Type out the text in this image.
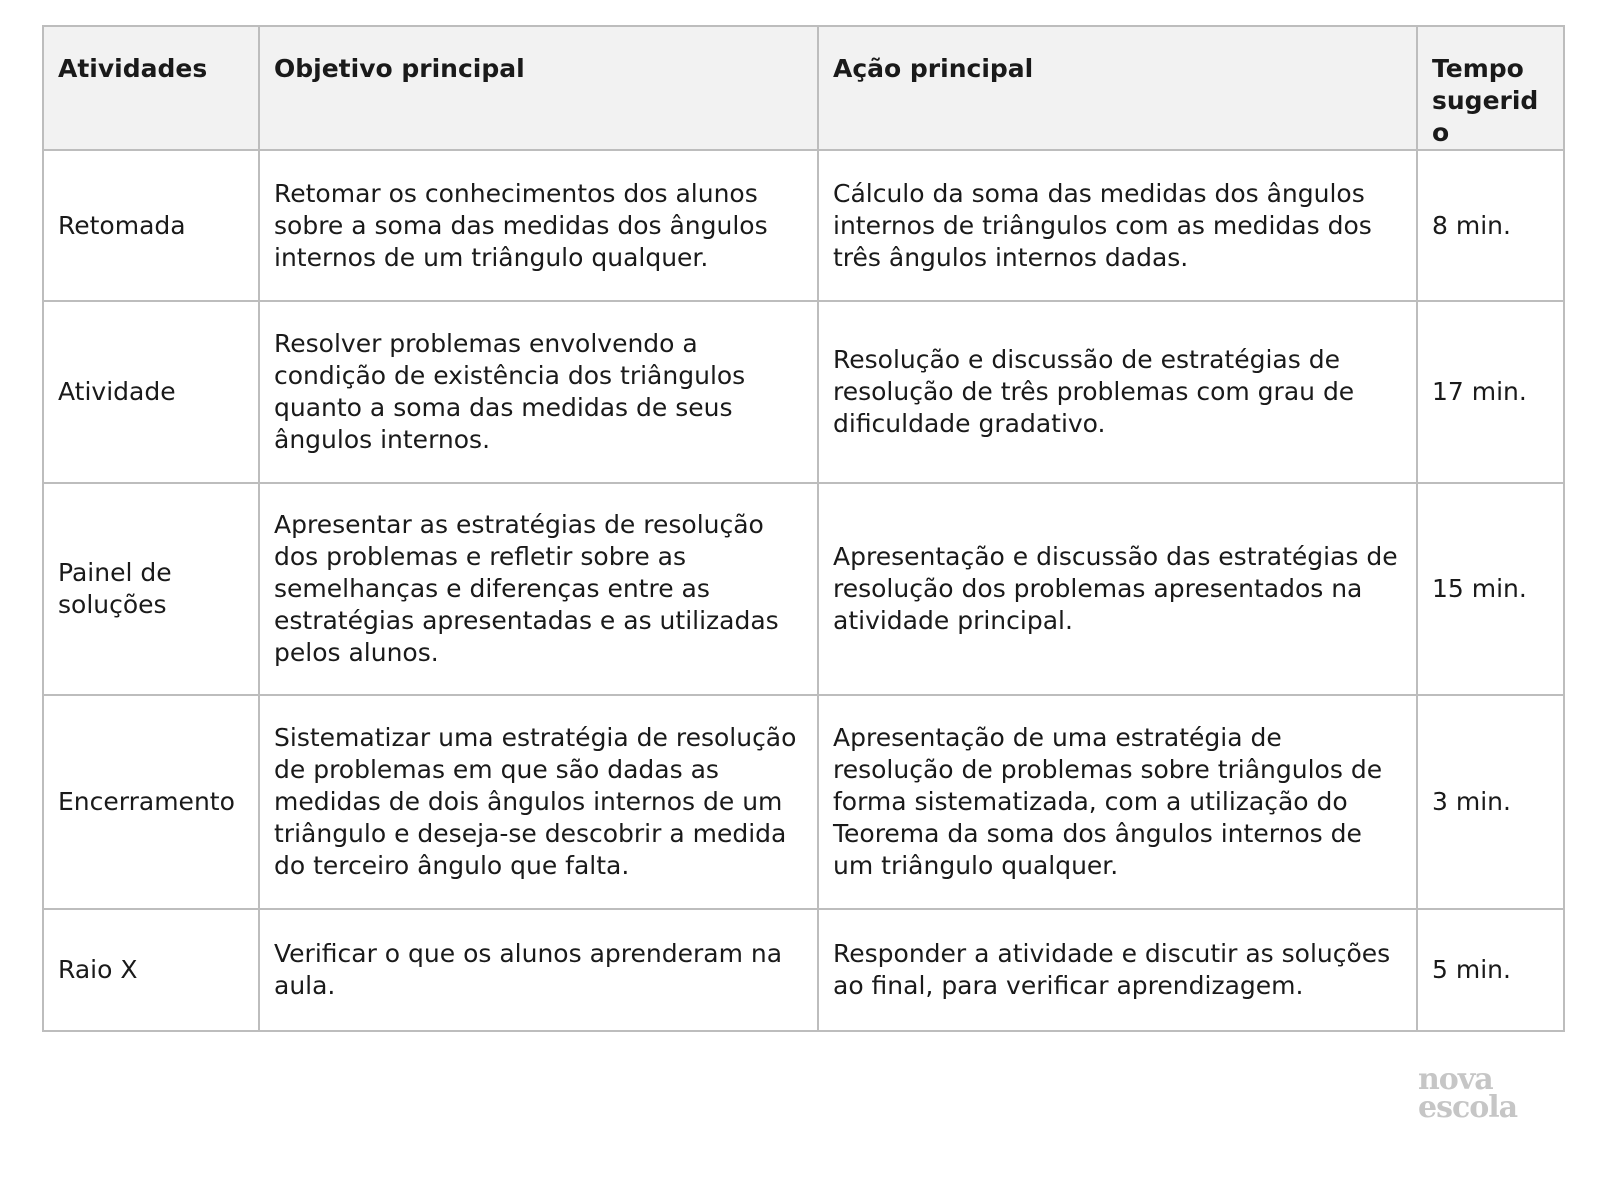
Atividades	Objetivo principal	Ação principal	Tempo sugerido
Retomada	Retomar os conhecimentos dos alunos sobre a soma das medidas dos ângulos internos de um triângulo qualquer.	Cálculo da soma das medidas dos ângulos internos de triângulos com as medidas dos três ângulos internos dadas.	8 min.
Atividade	Resolver problemas envolvendo a condição de existência dos triângulos quanto a soma das medidas de seus ângulos internos.	Resolução e discussão de estratégias de resolução de três problemas com grau de dificuldade gradativo.	17 min.
Painel de soluções	Apresentar as estratégias de resolução dos problemas e refletir sobre as semelhanças e diferenças entre as estratégias apresentadas e as utilizadas pelos alunos.	Apresentação e discussão das estratégias de resolução dos problemas apresentados na atividade principal.	15 min.
Encerramento	Sistematizar uma estratégia de resolução de problemas em que são dadas as medidas de dois ângulos internos de um triângulo e deseja-se descobrir a medida do terceiro ângulo que falta.	Apresentação de uma estratégia de resolução de problemas sobre triângulos de forma sistematizada, com a utilização do Teorema da soma dos ângulos internos de um triângulo qualquer.	3 min.
Raio X	Verificar o que os alunos aprenderam na aula.	Responder a atividade e discutir as soluções ao final, para verificar aprendizagem.	5 min.
nova
escola
